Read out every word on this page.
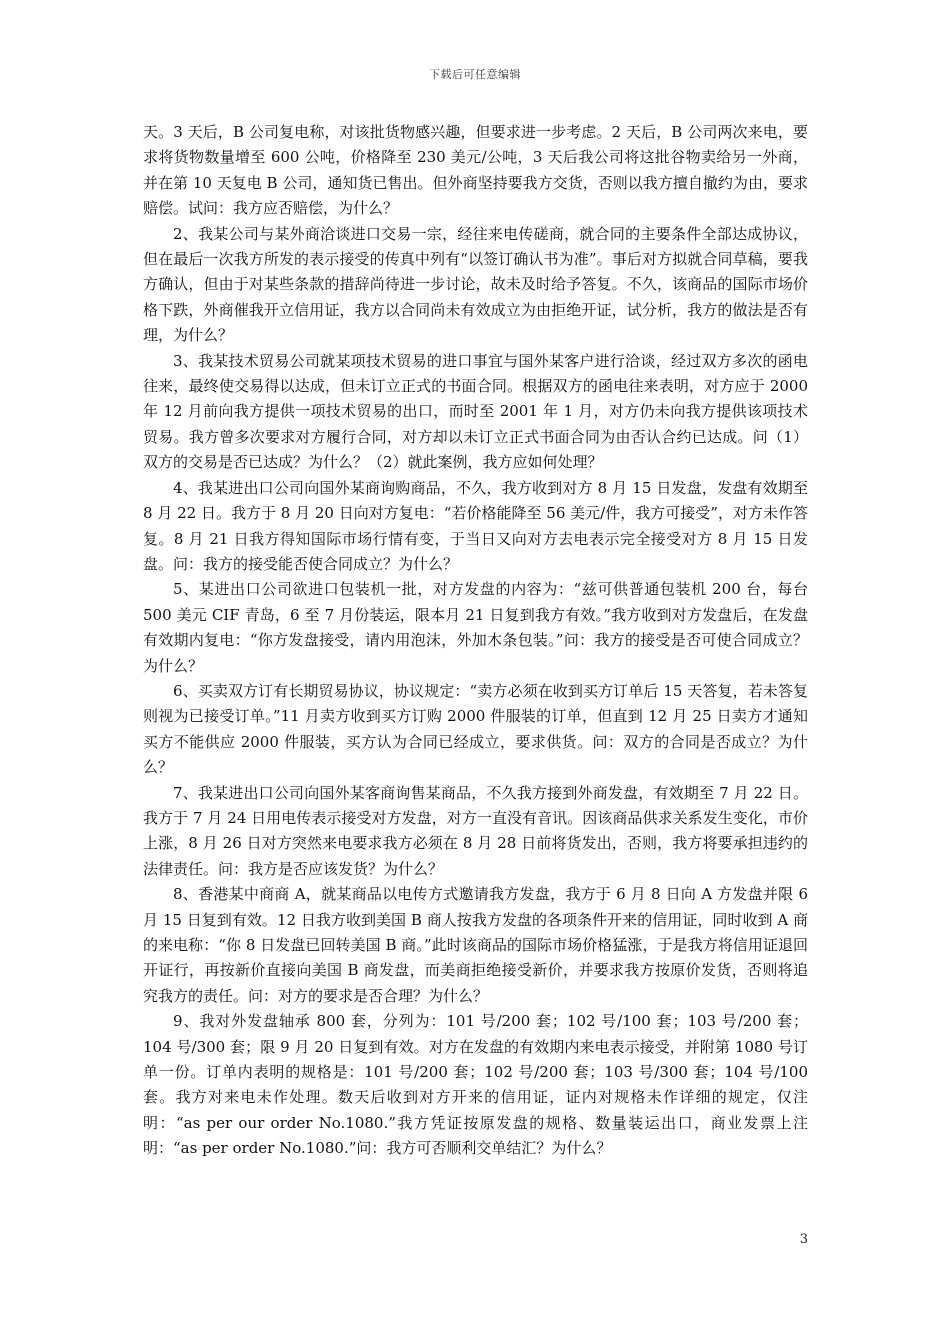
下载后可任意编辑

天。3 天后，B 公司复电称，对该批货物感兴趣，但要求进一步考虑。2 天后，B 公司两次来电，要求将货物数量增至 600 公吨，价格降至 230 美元/公吨，3 天后我公司将这批谷物卖给另一外商，并在第 10 天复电 B 公司，通知货已售出。但外商坚持要我方交货，否则以我方擅自撤约为由，要求赔偿。试问：我方应否赔偿，为什么？

2、我某公司与某外商洽谈进口交易一宗，经往来电传磋商，就合同的主要条件全部达成协议，但在最后一次我方所发的表示接受的传真中列有“以签订确认书为准”。事后对方拟就合同草稿，要我方确认，但由于对某些条款的措辞尚待进一步讨论，故未及时给予答复。不久，该商品的国际市场价格下跌，外商催我开立信用证，我方以合同尚未有效成立为由拒绝开证，试分析，我方的做法是否有理，为什么？

3、我某技术贸易公司就某项技术贸易的进口事宜与国外某客户进行洽谈，经过双方多次的函电往来，最终使交易得以达成，但未订立正式的书面合同。根据双方的函电往来表明，对方应于 2000 年 12 月前向我方提供一项技术贸易的出口，而时至 2001 年 1 月，对方仍未向我方提供该项技术贸易。我方曾多次要求对方履行合同，对方却以未订立正式书面合同为由否认合约已达成。问（1）双方的交易是否已达成？为什么？（2）就此案例，我方应如何处理？

4、我某进出口公司向国外某商询购商品，不久，我方收到对方 8 月 15 日发盘，发盘有效期至 8 月 22 日。我方于 8 月 20 日向对方复电：“若价格能降至 56 美元/件，我方可接受”，对方未作答复。8 月 21 日我方得知国际市场行情有变，于当日又向对方去电表示完全接受对方 8 月 15 日发盘。问：我方的接受能否使合同成立？为什么？

5、某进出口公司欲进口包装机一批，对方发盘的内容为：“兹可供普通包装机 200 台，每台 500 美元 CIF 青岛，6 至 7 月份装运，限本月 21 日复到我方有效。”我方收到对方发盘后，在发盘有效期内复电：“你方发盘接受，请内用泡沫，外加木条包装。”问：我方的接受是否可使合同成立？为什么？

6、买卖双方订有长期贸易协议，协议规定：“卖方必须在收到买方订单后 15 天答复，若未答复则视为已接受订单。”11 月卖方收到买方订购 2000 件服装的订单，但直到 12 月 25 日卖方才通知买方不能供应 2000 件服装，买方认为合同已经成立，要求供货。问：双方的合同是否成立？为什么？

7、我某进出口公司向国外某客商询售某商品，不久我方接到外商发盘，有效期至 7 月 22 日。我方于 7 月 24 日用电传表示接受对方发盘，对方一直没有音讯。因该商品供求关系发生变化，市价上涨，8 月 26 日对方突然来电要求我方必须在 8 月 28 日前将货发出，否则，我方将要承担违约的法律责任。问：我方是否应该发货？为什么？

8、香港某中商商 A，就某商品以电传方式邀请我方发盘，我方于 6 月 8 日向 A 方发盘并限 6 月 15 日复到有效。12 日我方收到美国 B 商人按我方发盘的各项条件开来的信用证，同时收到 A 商的来电称：“你 8 日发盘已回转美国 B 商。”此时该商品的国际市场价格猛涨，于是我方将信用证退回开证行，再按新价直接向美国 B 商发盘，而美商拒绝接受新价，并要求我方按原价发货，否则将追究我方的责任。问：对方的要求是否合理？为什么？

9、我对外发盘轴承 800 套，分列为：101 号/200 套；102 号/100 套；103 号/200 套；104 号/300 套；限 9 月 20 日复到有效。对方在发盘的有效期内来电表示接受，并附第 1080 号订单一份。订单内表明的规格是：101 号/200 套；102 号/200 套；103 号/300 套；104 号/100 套。我方对来电未作处理。数天后收到对方开来的信用证，证内对规格未作详细的规定，仅注明：“as per our order No.1080.”我方凭证按原发盘的规格、数量装运出口，商业发票上注明：“as per order No.1080.”问：我方可否顺利交单结汇？为什么？

3
